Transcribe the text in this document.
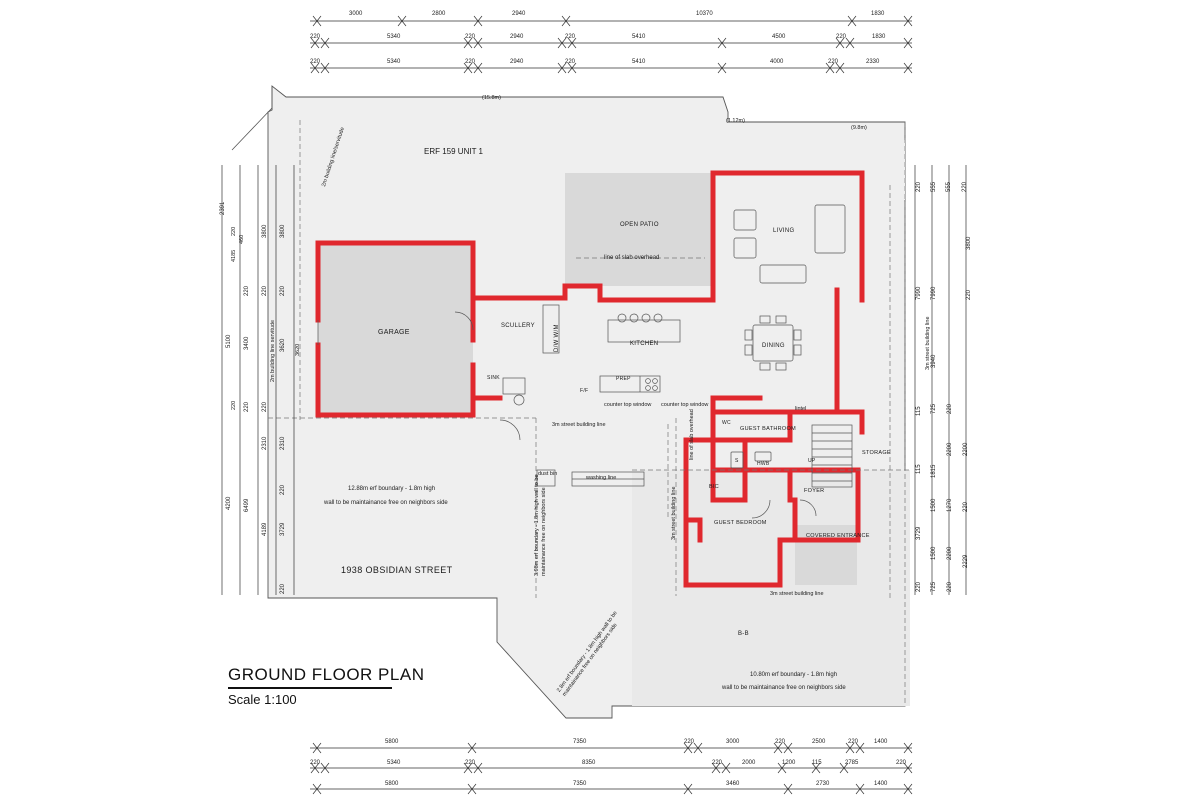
3000	2800	2940	10370	1830
220	5340	220	2940	220	5410	4500	220	1830
220	5340	220	2940	220	5410	4000	220	2330
5800	7350	220	3000	220	2500	220	1400
220	5340	220	8350	220	2000	1200	115	2785	220
5800	7350	3460	2730	1400
2391
3800 3800
220 220 220
5100 3400	3620
220 220
2310 2310
220
4200 6499
4189 3729
220
220
460
4185
220
3620
220 555 555 220
3800
7990 7990	220
3940
115 725 220
2200 2200
1815
115
1500 1270 220
3729
1500 2200
2229
220 725 220
ERF 159 UNIT 1
1938 OBSIDIAN STREET
GARAGE
SCULLERY
OPEN PATIO
LIVING
KITCHEN	DINING
GUEST BATHROOM
STORAGE
FOYER
GUEST BEDROOM
COVERED ENTRANCE
BIC
WC
HWB
S	UP
SINK
F/F
PREP
D/W W/M
dust bin
washing line
lintel
B-B
line of slab overhead
counter top window counter top window
line of slab overhead
3m street building line
3m street building line
3m street building line
3m street building line
2m building line/servitude
2m building line servitude
(15.8m)
(1.12m)
(9.8m)
12.88m erf boundary - 1.8m high
wall to be maintainance free on neighbors side	3.98m erf boundary - 1.8m high wall to be maintainance free on neighbors side
2.8m erf boundary - 1.8m high wall to be maintainance free on neighbors side	10.80m erf boundary - 1.8m high
wall to be maintainance free on neighbors side
GROUND FLOOR PLAN
Scale 1:100
